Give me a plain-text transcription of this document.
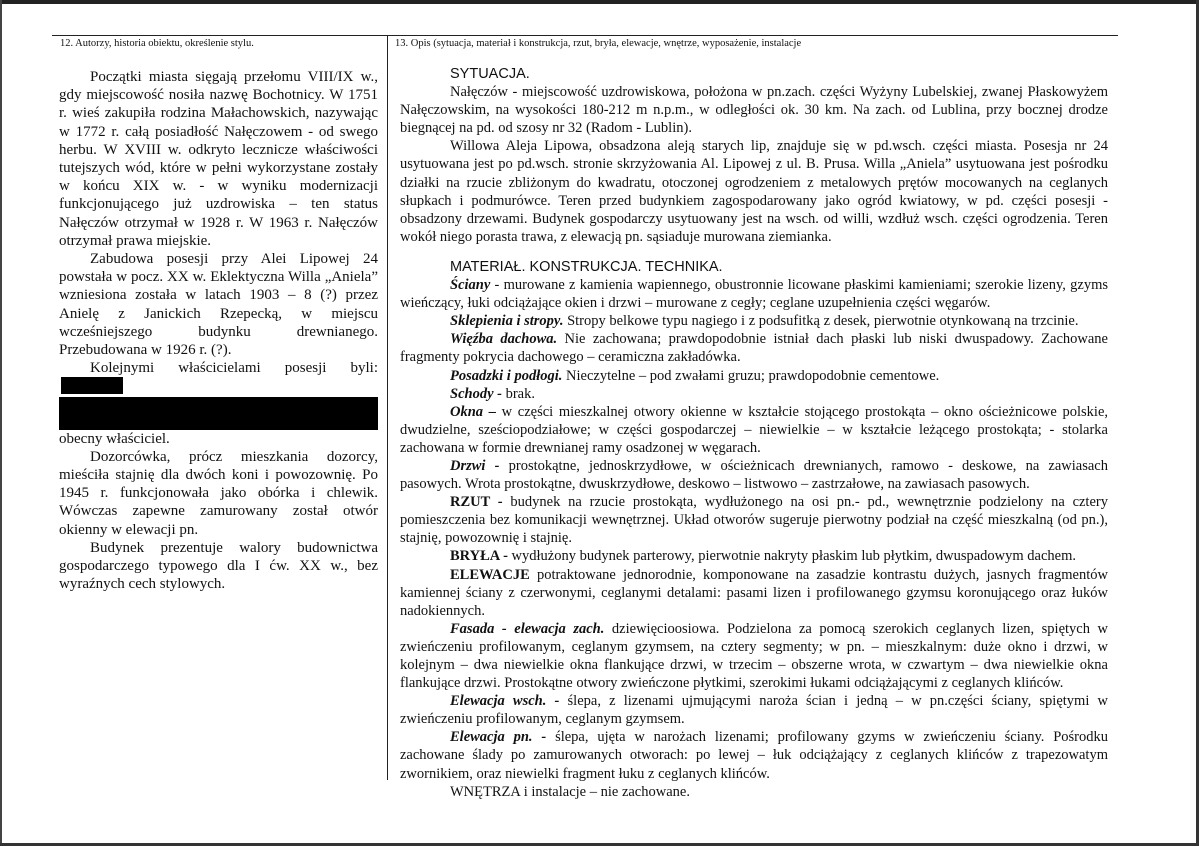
12. Autorzy, historia obiektu, określenie stylu.	13. Opis (sytuacja, materiał i konstrukcja, rzut, bryła, elewacje, wnętrze, wyposażenie, instalacje

Początki miasta sięgają przełomu VIII/IX w., gdy miejscowość nosiła nazwę Bochotnicy. W 1751 r. wieś zakupiła rodzina Małachowskich, nazywając w 1772 r. całą posiadłość Nałęczowem - od swego herbu. W XVIII w. odkryto lecznicze właściwości tutejszych wód, które w pełni wykorzystane zostały w końcu XIX w. - w wyniku modernizacji funkcjonującego już uzdrowiska – ten status Nałęczów otrzymał w 1928 r. W 1963 r. Nałęczów otrzymał prawa miejskie.

Zabudowa posesji przy Alei Lipowej 24 powstała w pocz. XX w. Eklektyczna Willa „Aniela” wzniesiona została w latach 1903 – 8 (?) przez Anielę z Janickich Rzepecką, w miejscu wcześniejszego budynku drewnianego. Przebudowana w 1926 r. (?).

Kolejnymi właścicielami posesji byli:

obecny właściciel.

Dozorcówka, prócz mieszkania dozorcy, mieściła stajnię dla dwóch koni i powozownię. Po 1945 r. funkcjonowała jako obórka i chlewik. Wówczas zapewne zamurowany został otwór okienny w elewacji pn.

Budynek prezentuje walory budownictwa gospodarczego typowego dla I ćw. XX w., bez wyraźnych cech stylowych.

SYTUACJA.

Nałęczów - miejscowość uzdrowiskowa, położona w pn.zach. części Wyżyny Lubelskiej, zwanej Płaskowyżem Nałęczowskim, na wysokości 180-212 m n.p.m., w odległości ok. 30 km. Na zach. od Lublina, przy bocznej drodze biegnącej na pd. od szosy nr 32 (Radom - Lublin).

Willowa Aleja Lipowa, obsadzona aleją starych lip, znajduje się w pd.wsch. części miasta. Posesja nr 24 usytuowana jest po pd.wsch. stronie skrzyżowania Al. Lipowej z ul. B. Prusa. Willa „Aniela” usytuowana jest pośrodku działki na rzucie zbliżonym do kwadratu, otoczonej ogrodzeniem z metalowych prętów mocowanych na ceglanych słupkach i podmurówce. Teren przed budynkiem zagospodarowany jako ogród kwiatowy, w pd. części posesji - obsadzony drzewami. Budynek gospodarczy usytuowany jest na wsch. od willi, wzdłuż wsch. części ogrodzenia. Teren wokół niego porasta trawa, z elewacją pn. sąsiaduje murowana ziemianka.

MATERIAŁ. KONSTRUKCJA. TECHNIKA.

Ściany - murowane z kamienia wapiennego, obustronnie licowane płaskimi kamieniami; szerokie lizeny, gzyms wieńczący, łuki odciążające okien i drzwi – murowane z cegły; ceglane uzupełnienia części węgarów.

Sklepienia i stropy. Stropy belkowe typu nagiego i z podsufitką z desek, pierwotnie otynkowaną na trzcinie.

Więźba dachowa. Nie zachowana; prawdopodobnie istniał dach płaski lub niski dwuspadowy. Zachowane fragmenty pokrycia dachowego – ceramiczna zakładówka.

Posadzki i podłogi. Nieczytelne – pod zwałami gruzu; prawdopodobnie cementowe.

Schody - brak.

Okna – w części mieszkalnej otwory okienne w kształcie stojącego prostokąta – okno ościeżnicowe polskie, dwudzielne, sześciopodziałowe; w części gospodarczej – niewielkie – w kształcie leżącego prostokąta; - stolarka zachowana w formie drewnianej ramy osadzonej w węgarach.

Drzwi - prostokątne, jednoskrzydłowe, w ościeżnicach drewnianych, ramowo - deskowe, na zawiasach pasowych. Wrota prostokątne, dwuskrzydłowe, deskowo – listwowo – zastrzałowe, na zawiasach pasowych.

RZUT - budynek na rzucie prostokąta, wydłużonego na osi pn.- pd., wewnętrznie podzielony na cztery pomieszczenia bez komunikacji wewnętrznej. Układ otworów sugeruje pierwotny podział na część mieszkalną (od pn.), stajnię, powozownię i stajnię.

BRYŁA - wydłużony budynek parterowy, pierwotnie nakryty płaskim lub płytkim, dwuspadowym dachem.

ELEWACJE potraktowane jednorodnie, komponowane na zasadzie kontrastu dużych, jasnych fragmentów kamiennej ściany z czerwonymi, ceglanymi detalami: pasami lizen i profilowanego gzymsu koronującego oraz łuków nadokiennych.

Fasada - elewacja zach. dziewięcioosiowa. Podzielona za pomocą szerokich ceglanych lizen, spiętych w zwieńczeniu profilowanym, ceglanym gzymsem, na cztery segmenty; w pn. – mieszkalnym: duże okno i drzwi, w kolejnym – dwa niewielkie okna flankujące drzwi, w trzecim – obszerne wrota, w czwartym – dwa niewielkie okna flankujące drzwi. Prostokątne otwory zwieńczone płytkimi, szerokimi łukami odciążającymi z ceglanych klińców.

Elewacja wsch. - ślepa, z lizenami ujmującymi naroża ścian i jedną – w pn.części ściany, spiętymi w zwieńczeniu profilowanym, ceglanym gzymsem.

Elewacja pn. - ślepa, ujęta w narożach lizenami; profilowany gzyms w zwieńczeniu ściany. Pośrodku zachowane ślady po zamurowanych otworach: po lewej – łuk odciążający z ceglanych klińców z trapezowatym zwornikiem, oraz niewielki fragment łuku z ceglanych klińców.

WNĘTRZA i instalacje – nie zachowane.
